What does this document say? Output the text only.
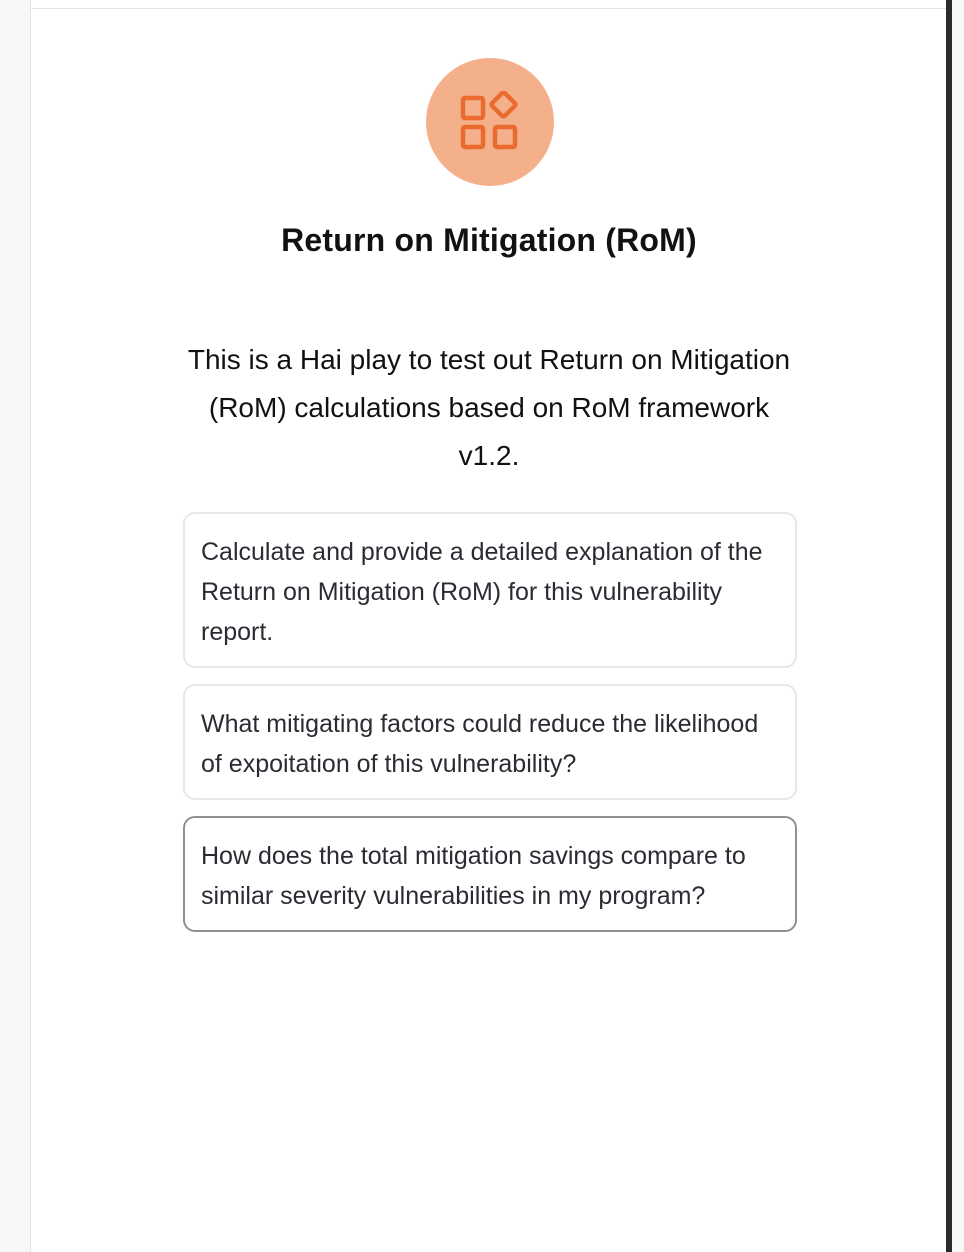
Return on Mitigation (RoM)
This is a Hai play to test out Return on Mitigation (RoM) calculations based on RoM framework v1.2.
Calculate and provide a detailed explanation of the Return on Mitigation (RoM) for this vulnerability report.
What mitigating factors could reduce the likelihood of expoitation of this vulnerability?
How does the total mitigation savings compare to similar severity vulnerabilities in my program?
